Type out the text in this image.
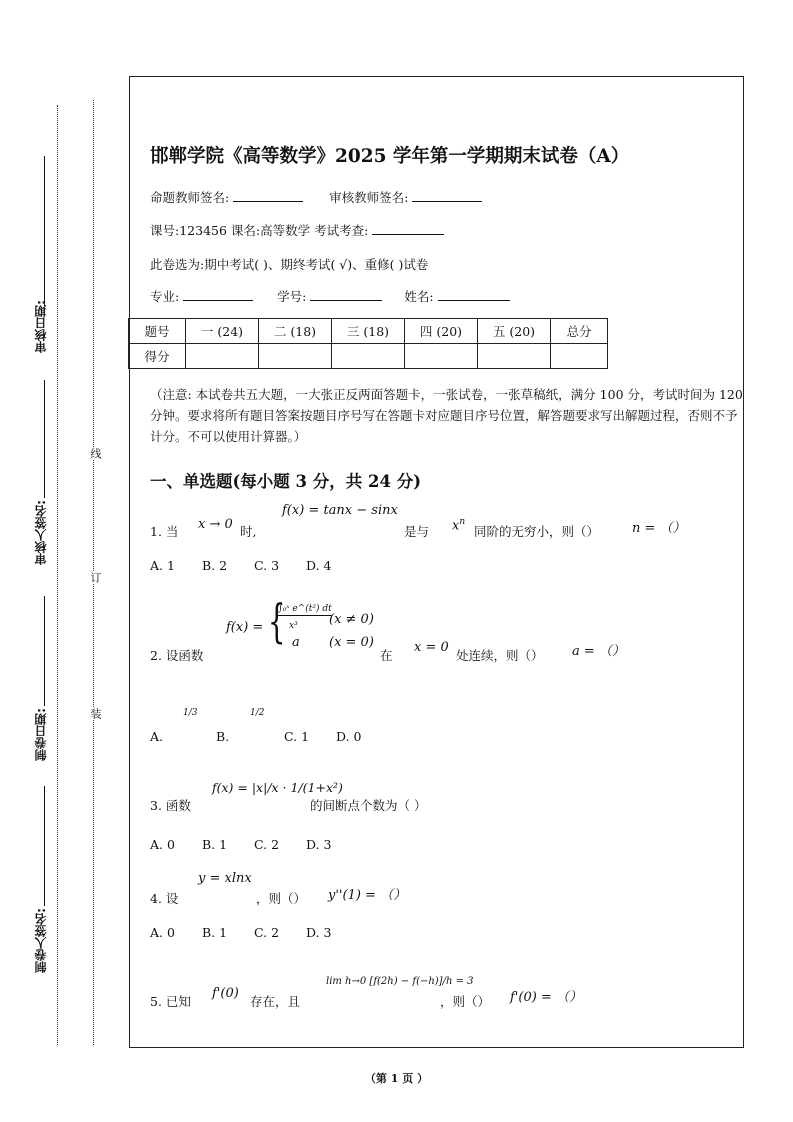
审核日期:
审核人签名:
制卷日期:
制卷人签名:
线
订
装
邯郸学院《高等数学》2025 学年第一学期期末试卷（A）
命题教师签名:	审核教师签名:
课号:123456 课名:高等数学 考试考查:
此卷选为:期中考试( )、期终考试( √)、重修( )试卷
专业:	学号:	姓名:
题号	一 (24)	二 (18)	三 (18)	四 (20)	五 (20)	总分
得分						
（注意: 本试卷共五大题，一大张正反两面答题卡，一张试卷，一张草稿纸，满分 100 分，考试时间为 120 分钟。要求将所有题目答案按题目序号写在答题卡对应题目序号位置，解答题要求写出解题过程，否则不予计分。不可以使用计算器。）
一、单选题(每小题 3 分，共 24 分)
f(x) = tanx − sinx
1. 当 x → 0 时,	是与 $x^n$
同阶的无穷小，则（）	n = （）
A. 1 B. 2 C. 3 D. 4
f(x) = {
∫₀ˣ e^(t²) dt
x³ (x ≠ 0)
a (x = 0)
2. 设函数	在
x = 0
处连续，则（） a = （）
1/3	1/2
A.	B.	C. 1 D. 0
f(x) = |x|/x · 1/(1+x²)
3. 函数	的间断点个数为（ ）
A. 0 B. 1 C. 2 D. 3
y = xlnx
4. 设	，则（） y''(1) = （）
A. 0 B. 1 C. 2 D. 3
5. 已知
f'(0)
存在，且
lim h→0 [f(2h) − f(−h)]/h = 3
，则（） f'(0) = （）
（第 1 页 ）
